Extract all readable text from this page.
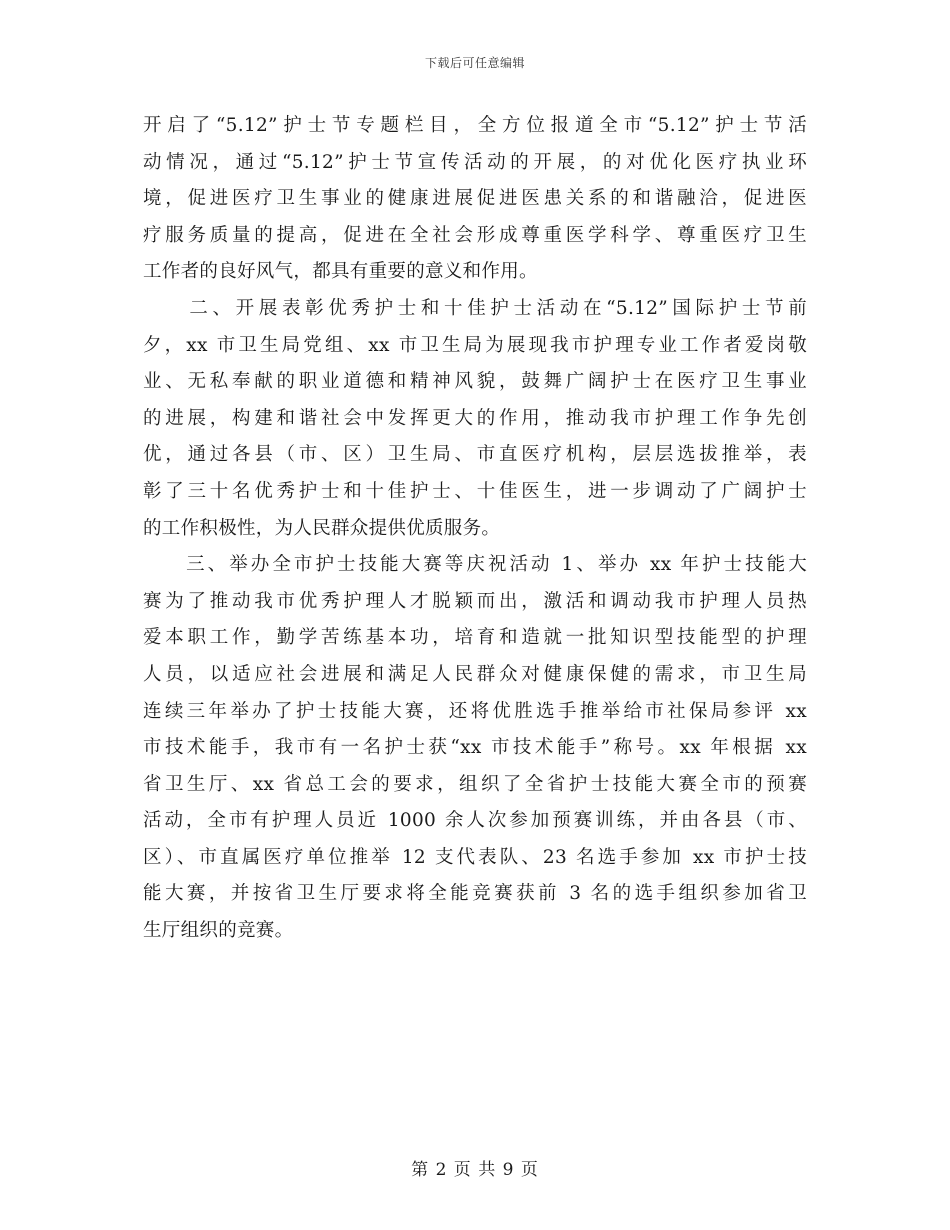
下载后可任意编辑
开启了“5.12”护士节专题栏目，全方位报道全市“5.12”护士节活
动情况，通过“5.12”护士节宣传活动的开展，的对优化医疗执业环
境，促进医疗卫生事业的健康进展促进医患关系的和谐融洽，促进医
疗服务质量的提高，促进在全社会形成尊重医学科学、尊重医疗卫生
工作者的良好风气，都具有重要的意义和作用。
　　二、开展表彰优秀护士和十佳护士活动在“5.12”国际护士节前
夕，xx 市卫生局党组、xx 市卫生局为展现我市护理专业工作者爱岗敬
业、无私奉献的职业道德和精神风貌，鼓舞广阔护士在医疗卫生事业
的进展，构建和谐社会中发挥更大的作用，推动我市护理工作争先创
优，通过各县（市、区）卫生局、市直医疗机构，层层选拔推举，表
彰了三十名优秀护士和十佳护士、十佳医生，进一步调动了广阔护士
的工作积极性，为人民群众提供优质服务。
　　三、举办全市护士技能大赛等庆祝活动 1、举办 xx 年护士技能大
赛为了推动我市优秀护理人才脱颖而出，激活和调动我市护理人员热
爱本职工作，勤学苦练基本功，培育和造就一批知识型技能型的护理
人员，以适应社会进展和满足人民群众对健康保健的需求，市卫生局
连续三年举办了护士技能大赛，还将优胜选手推举给市社保局参评 xx
市技术能手，我市有一名护士获“xx 市技术能手”称号。xx 年根据 xx
省卫生厅、xx 省总工会的要求，组织了全省护士技能大赛全市的预赛
活动，全市有护理人员近 1000 余人次参加预赛训练，并由各县（市、
区）、市直属医疗单位推举 12 支代表队、23 名选手参加 xx 市护士技
能大赛，并按省卫生厅要求将全能竞赛获前 3 名的选手组织参加省卫
生厅组织的竞赛。
第 2 页 共 9 页
